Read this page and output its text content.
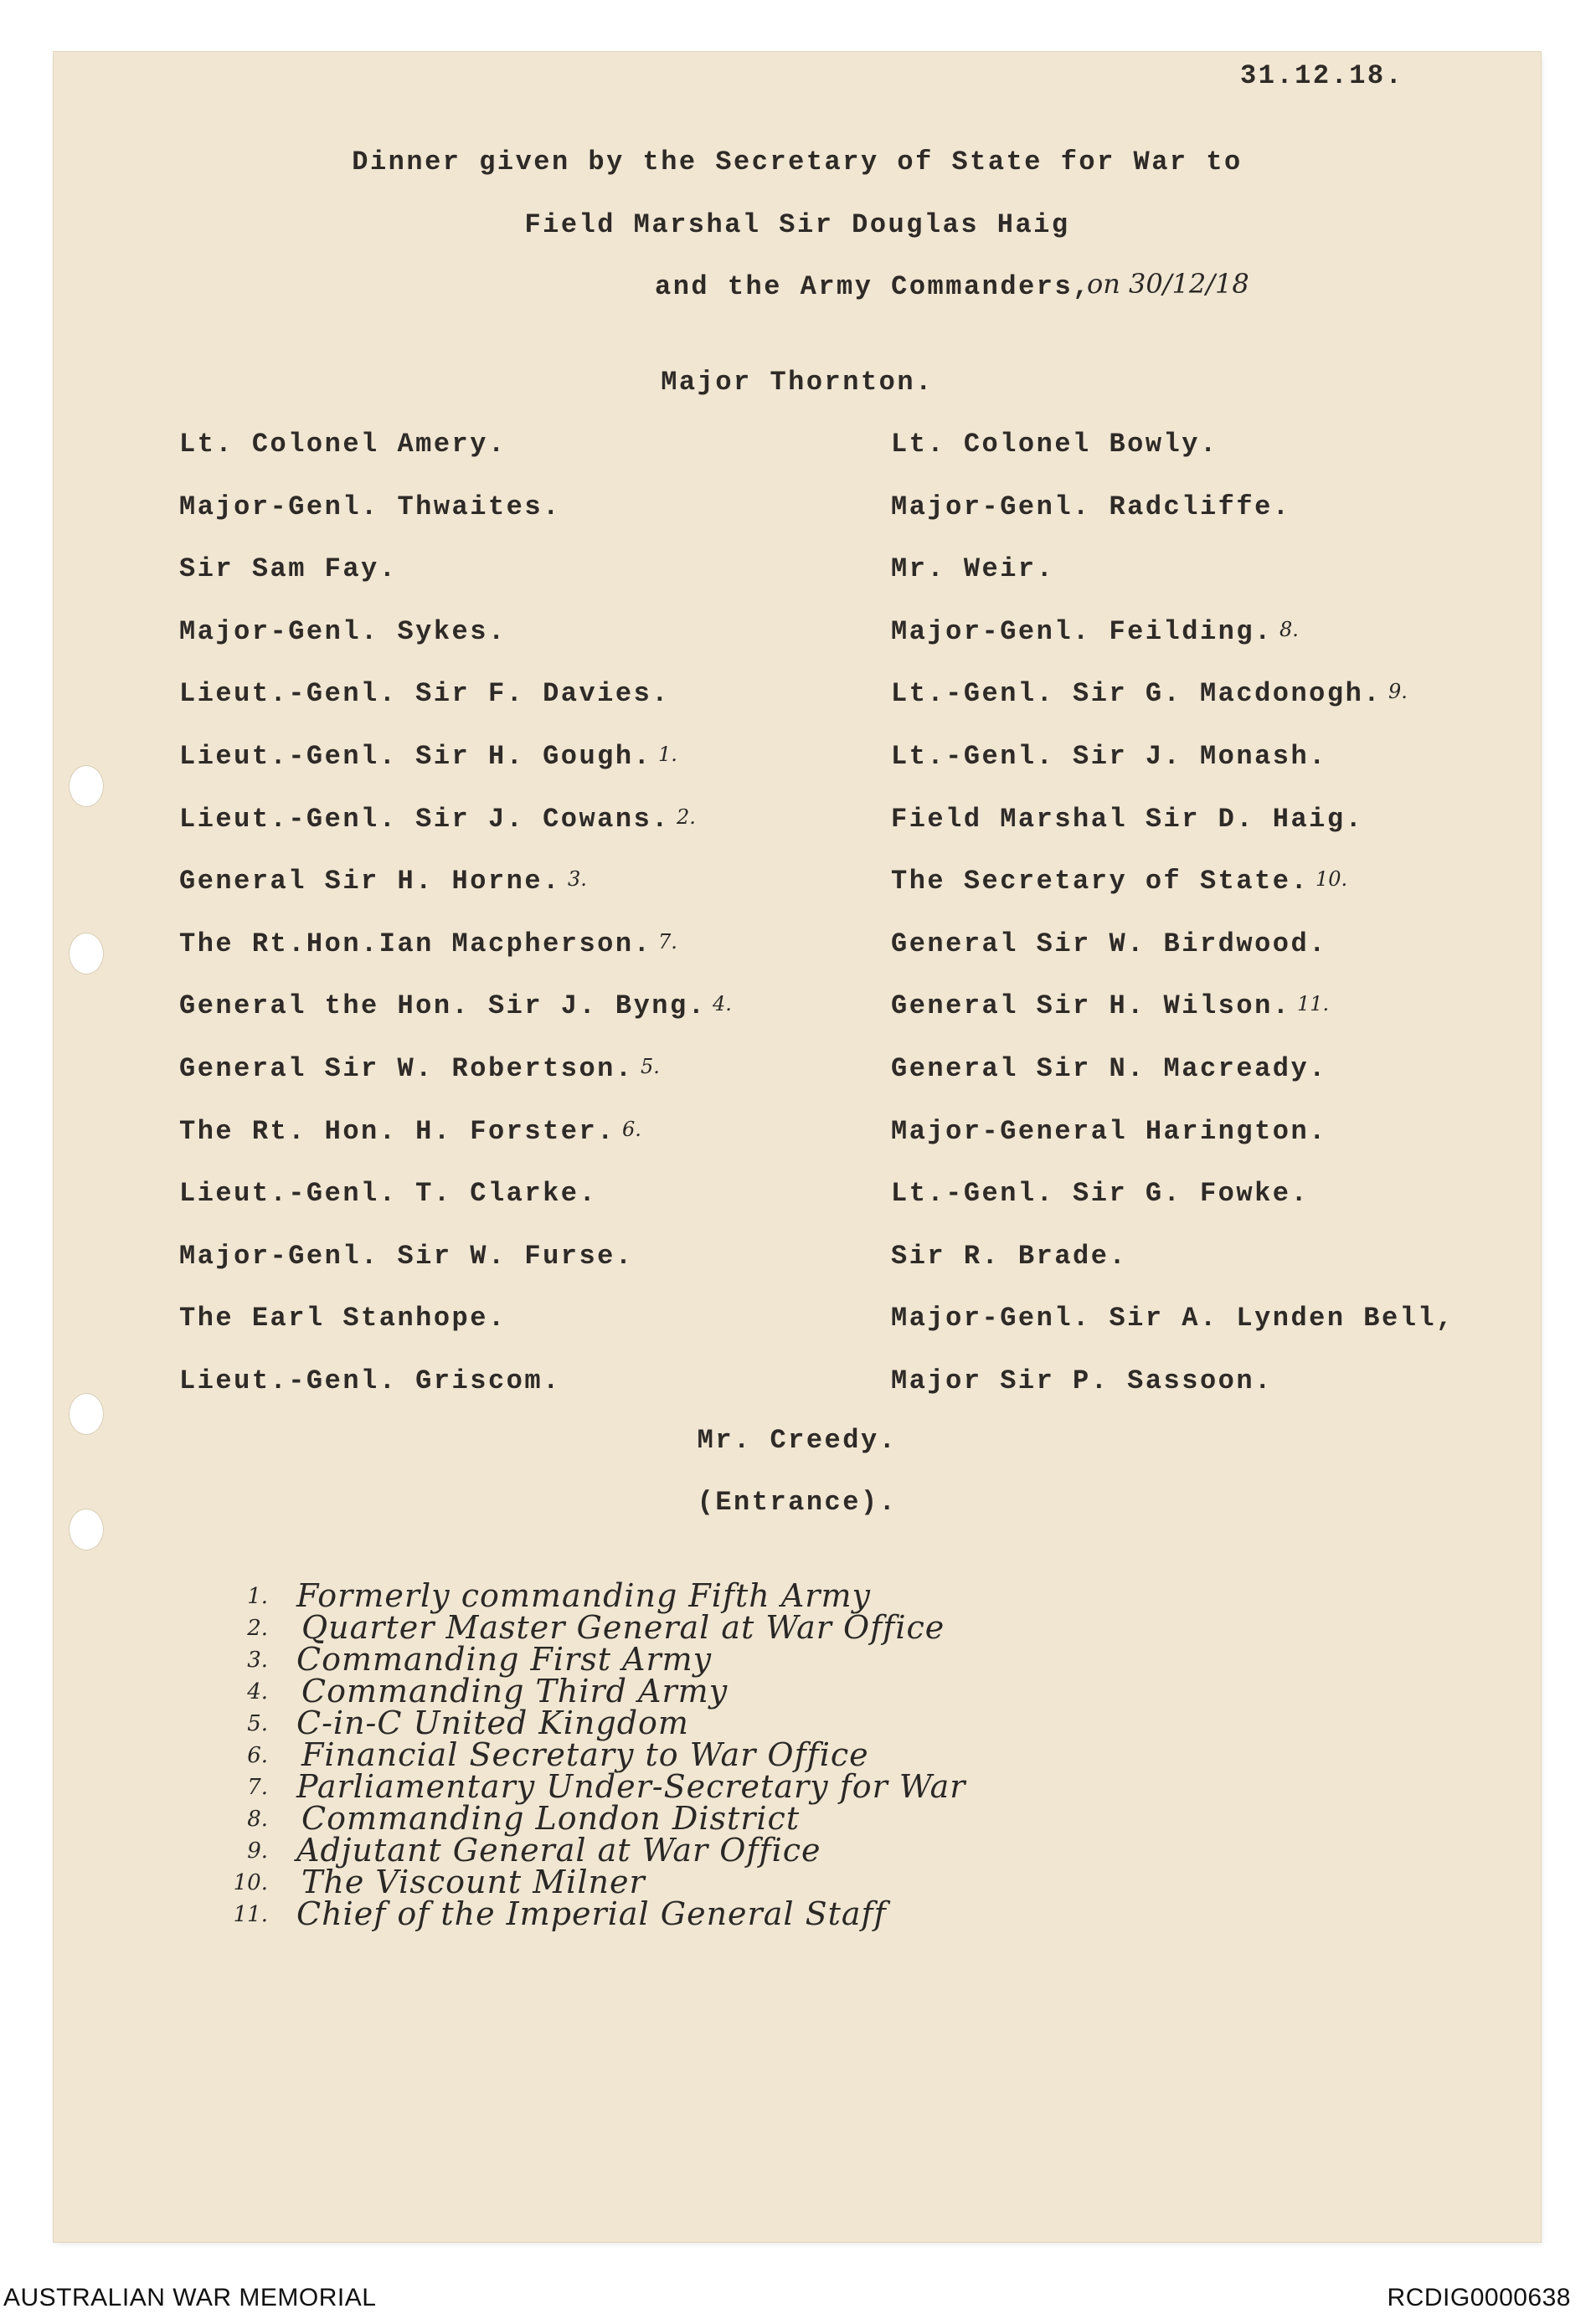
31.12.18.
Dinner given by the Secretary of State for War to
Field Marshal Sir Douglas Haig
and the Army Commanders,
on 30/12/18
Major Thornton.
Lt. Colonel Amery.
Major-Genl. Thwaites.
Sir Sam Fay.
Major-Genl. Sykes.
Lieut.-Genl. Sir F. Davies.
Lieut.-Genl. Sir H. Gough. 1.
Lieut.-Genl. Sir J. Cowans. 2.
General Sir H. Horne. 3.
The Rt.Hon.Ian Macpherson. 7.
General the Hon. Sir J. Byng. 4.
General Sir W. Robertson. 5.
The Rt. Hon. H. Forster. 6.
Lieut.-Genl. T. Clarke.
Major-Genl. Sir W. Furse.
The Earl Stanhope.
Lieut.-Genl. Griscom.
Lt. Colonel Bowly.
Major-Genl. Radcliffe.
Mr. Weir.
Major-Genl. Feilding. 8.
Lt.-Genl. Sir G. Macdonogh. 9.
Lt.-Genl. Sir J. Monash.
Field Marshal Sir D. Haig.
The Secretary of State. 10.
General Sir W. Birdwood.
General Sir H. Wilson. 11.
General Sir N. Macready.
Major-General Harington.
Lt.-Genl. Sir G. Fowke.
Sir R. Brade.
Major-Genl. Sir A. Lynden Bell,
Major Sir P. Sassoon.
Mr. Creedy.
(Entrance).
1. Formerly commanding Fifth Army
2. Quarter Master General at War Office
3. Commanding First Army
4. Commanding Third Army
5. C-in-C United Kingdom
6. Financial Secretary to War Office
7. Parliamentary Under-Secretary for War
8. Commanding London District
9. Adjutant General at War Office
10. The Viscount Milner
11. Chief of the Imperial General Staff
AUSTRALIAN WAR MEMORIAL	RCDIG0000638
